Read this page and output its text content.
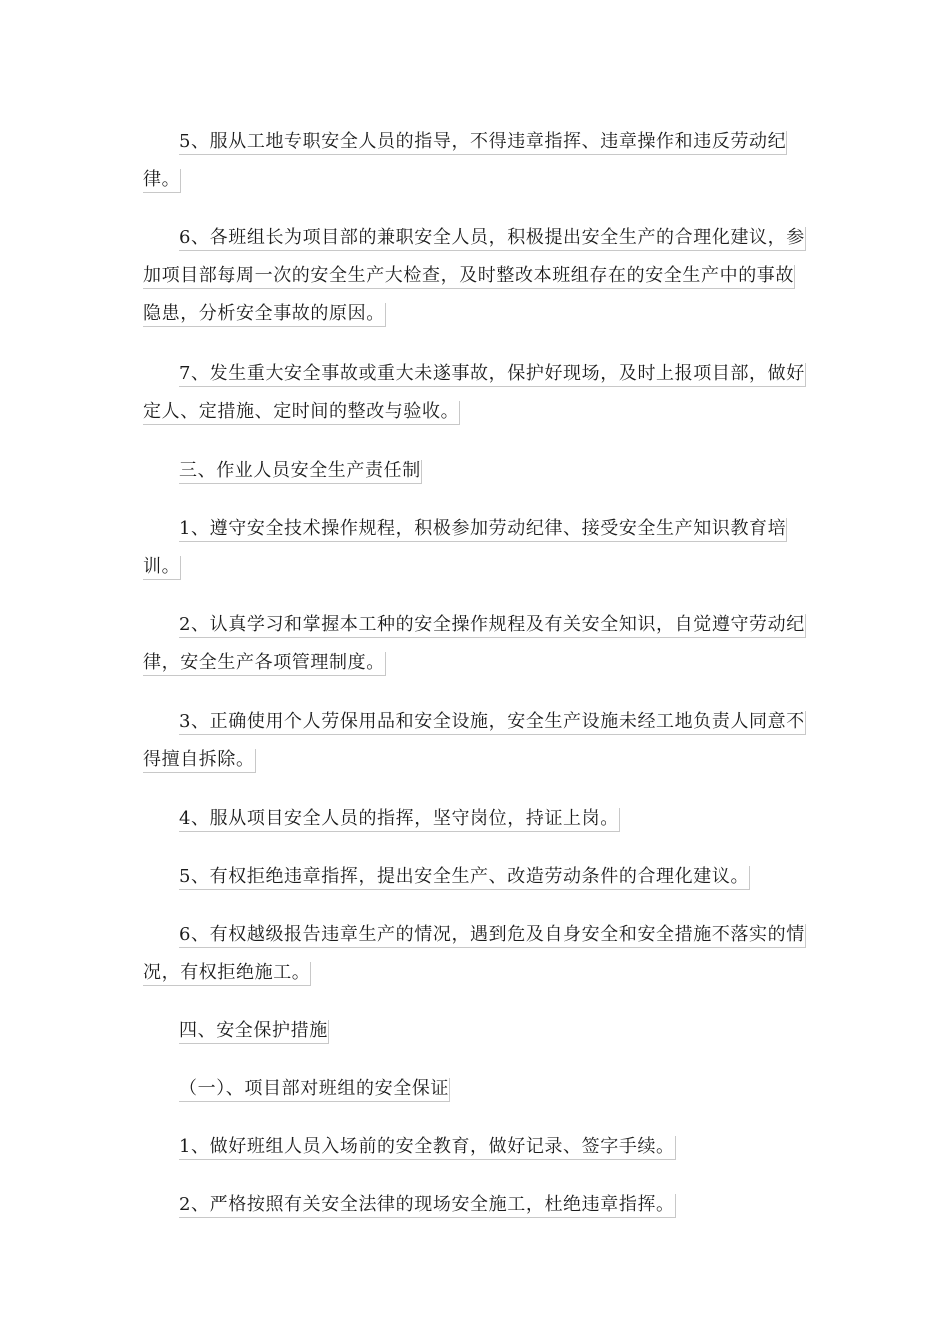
5、服从工地专职安全人员的指导，不得违章指挥、违章操作和违反劳动纪律。

6、各班组长为项目部的兼职安全人员，积极提出安全生产的合理化建议，参加项目部每周一次的安全生产大检查，及时整改本班组存在的安全生产中的事故隐患，分析安全事故的原因。

7、发生重大安全事故或重大未遂事故，保护好现场，及时上报项目部，做好定人、定措施、定时间的整改与验收。

三、作业人员安全生产责任制

1、遵守安全技术操作规程，积极参加劳动纪律、接受安全生产知识教育培训。

2、认真学习和掌握本工种的安全操作规程及有关安全知识，自觉遵守劳动纪律，安全生产各项管理制度。

3、正确使用个人劳保用品和安全设施，安全生产设施未经工地负责人同意不得擅自拆除。

4、服从项目安全人员的指挥，坚守岗位，持证上岗。

5、有权拒绝违章指挥，提出安全生产、改造劳动条件的合理化建议。

6、有权越级报告违章生产的情况，遇到危及自身安全和安全措施不落实的情况，有权拒绝施工。

四、安全保护措施

（一）、项目部对班组的安全保证

1、做好班组人员入场前的安全教育，做好记录、签字手续。

2、严格按照有关安全法律的现场安全施工，杜绝违章指挥。
